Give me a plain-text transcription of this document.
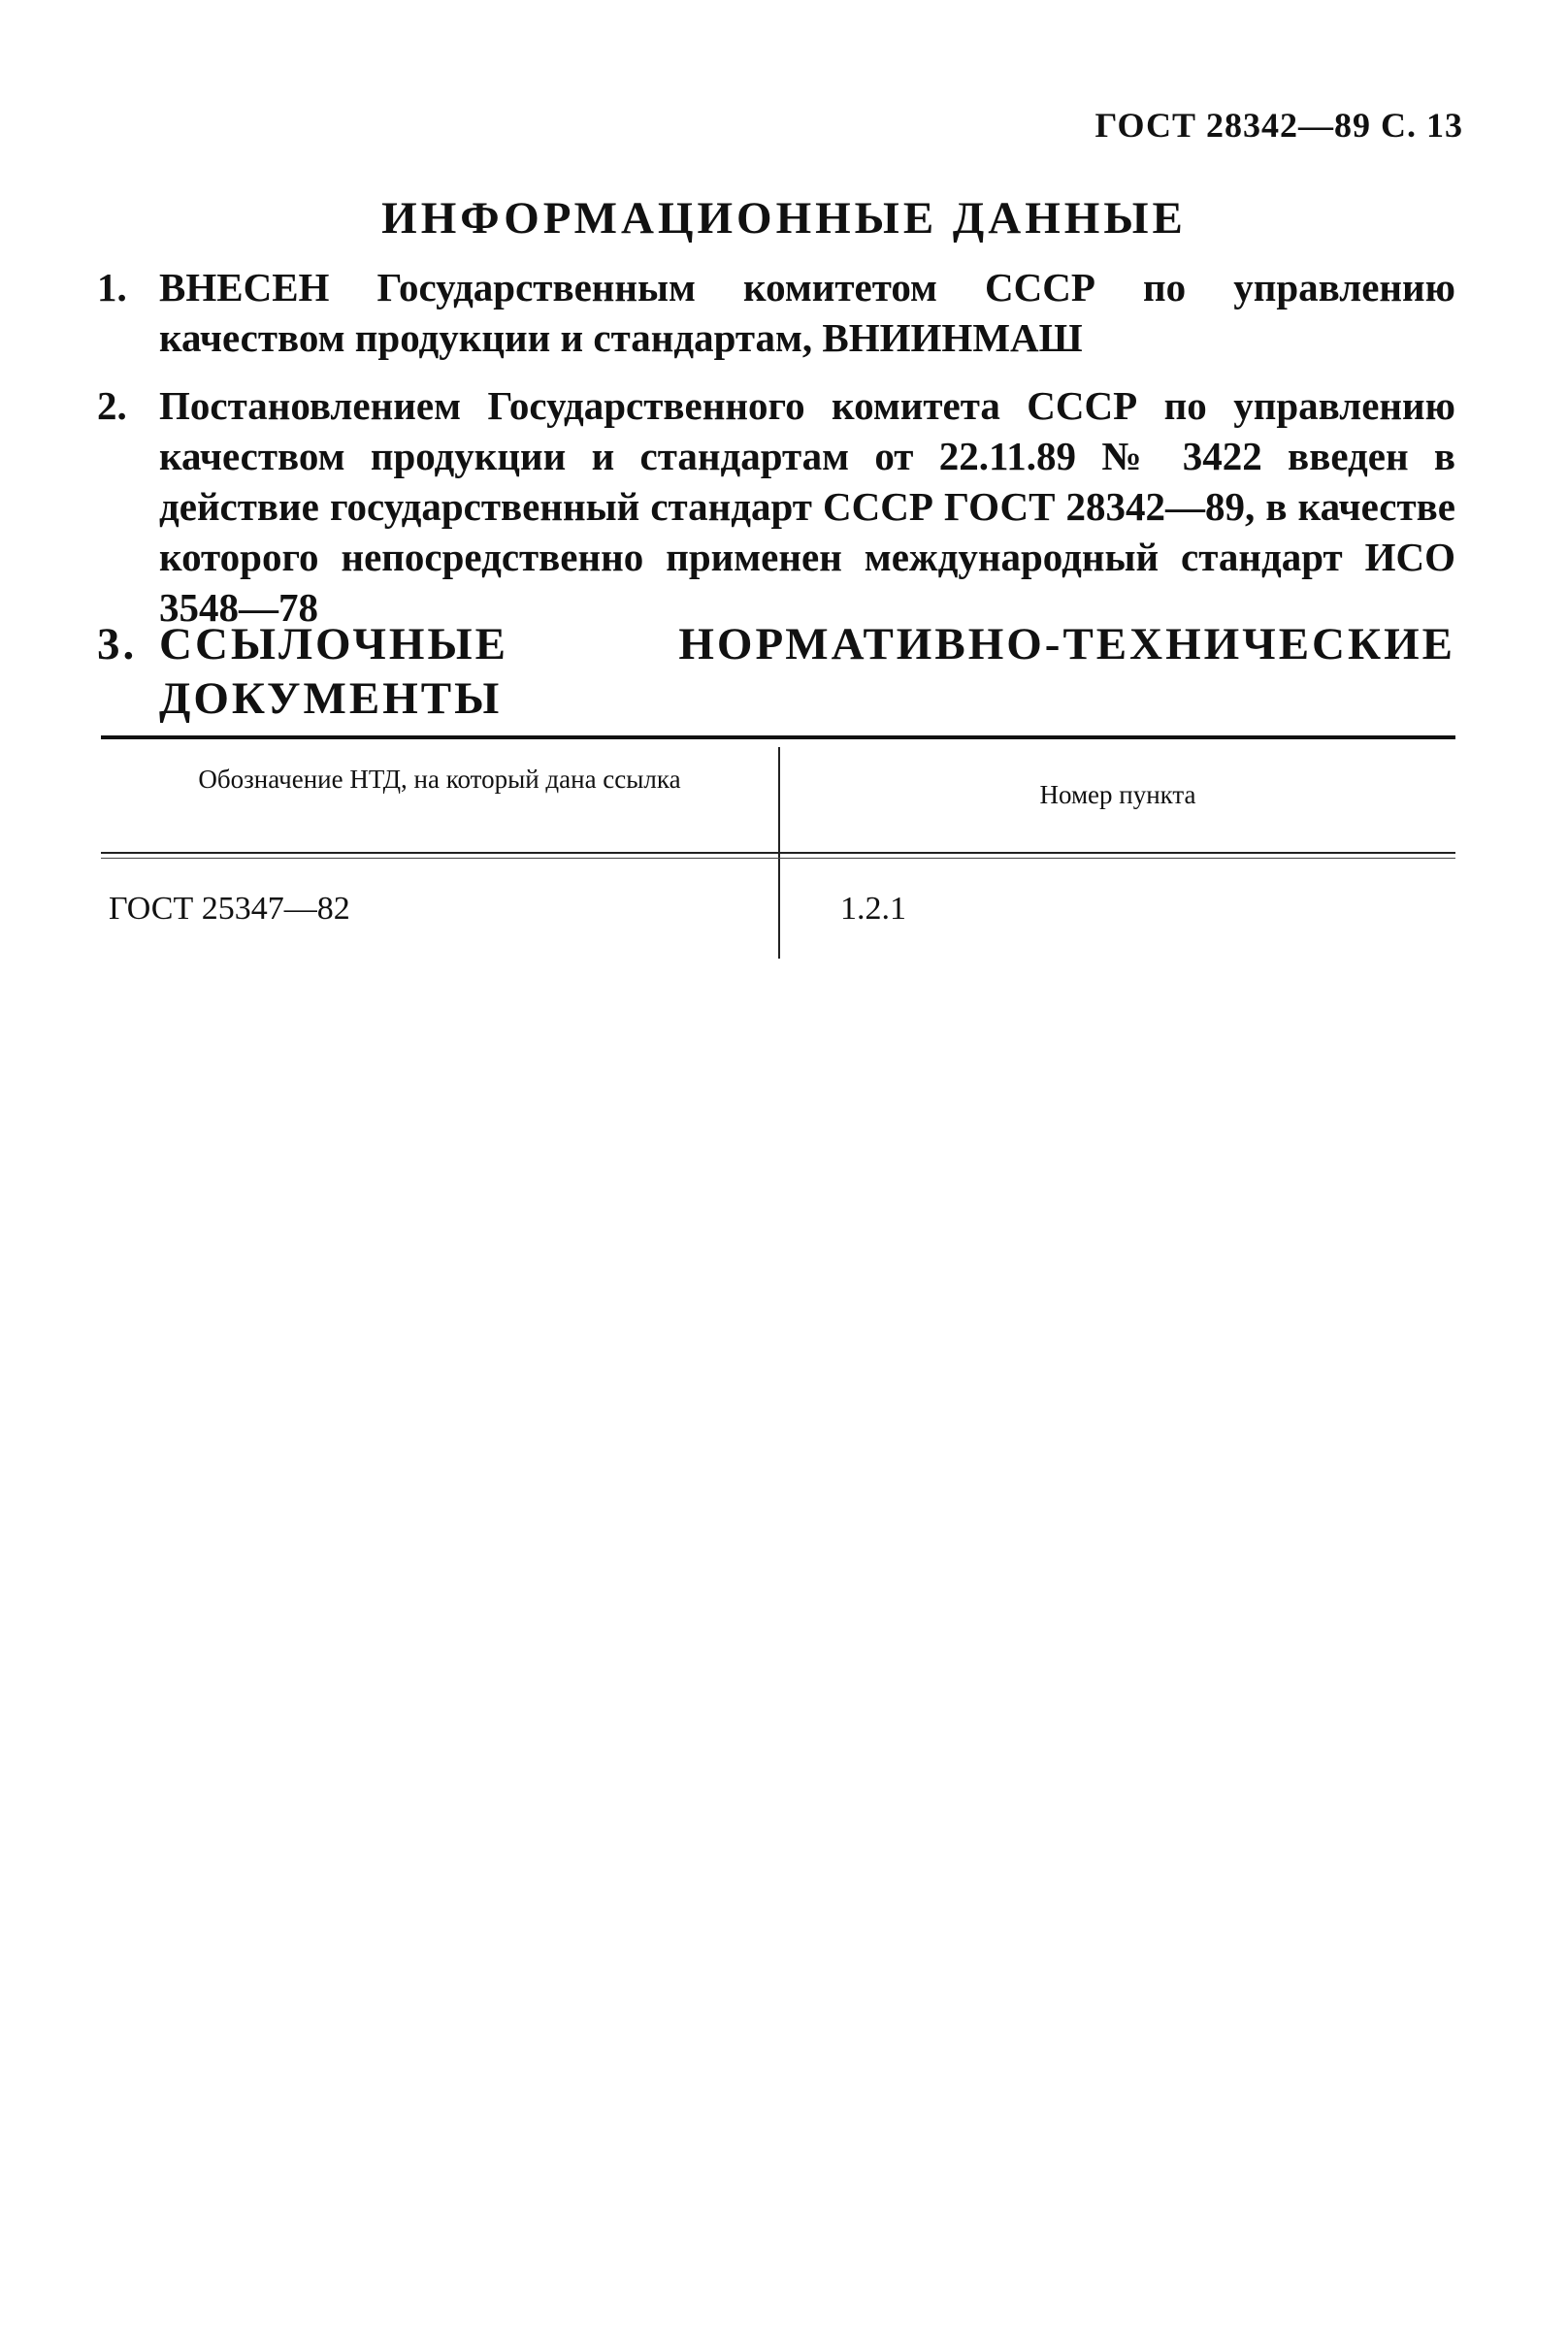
ГОСТ 28342—89 С. 13
ИНФОРМАЦИОННЫЕ ДАННЫЕ
1. ВНЕСЕН Государственным комитетом СССР по управлению качеством продукции и стандартам, ВНИИНМАШ
2. Постановлением Государственного комитета СССР по управлению качеством продукции и стандартам от 22.11.89 № 3422 введен в действие государственный стандарт СССР ГОСТ 28342—89, в качестве которого непосредственно применен международный стандарт ИСО 3548—78
3. ССЫЛОЧНЫЕ НОРМАТИВНО-ТЕХНИЧЕСКИЕ ДОКУМЕНТЫ
Обозначение НТД, на который дана ссылка
Номер пункта
ГОСТ 25347—82	1.2.1
